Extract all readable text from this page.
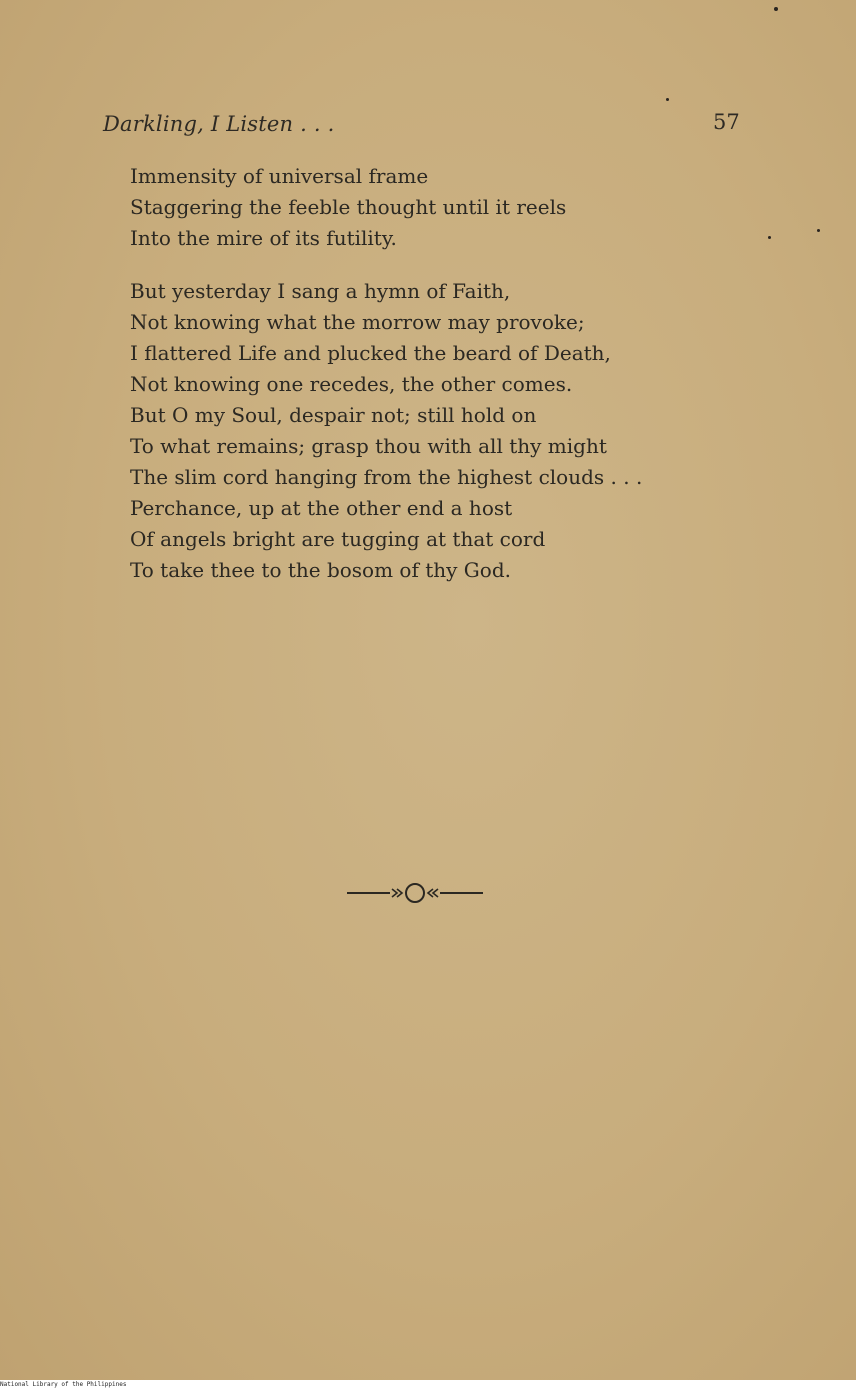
Darkling, I Listen . . .	57
Immensity of universal frame
Staggering the feeble thought until it reels
Into the mire of its futility.
But yesterday I sang a hymn of Faith,
Not knowing what the morrow may provoke;
I flattered Life and plucked the beard of Death,
Not knowing one recedes, the other comes.
But O my Soul, despair not; still hold on
To what remains; grasp thou with all thy might
The slim cord hanging from the highest clouds . . .
Perchance, up at the other end a host
Of angels bright are tugging at that cord
To take thee to the bosom of thy God.
National Library of the Philippines
